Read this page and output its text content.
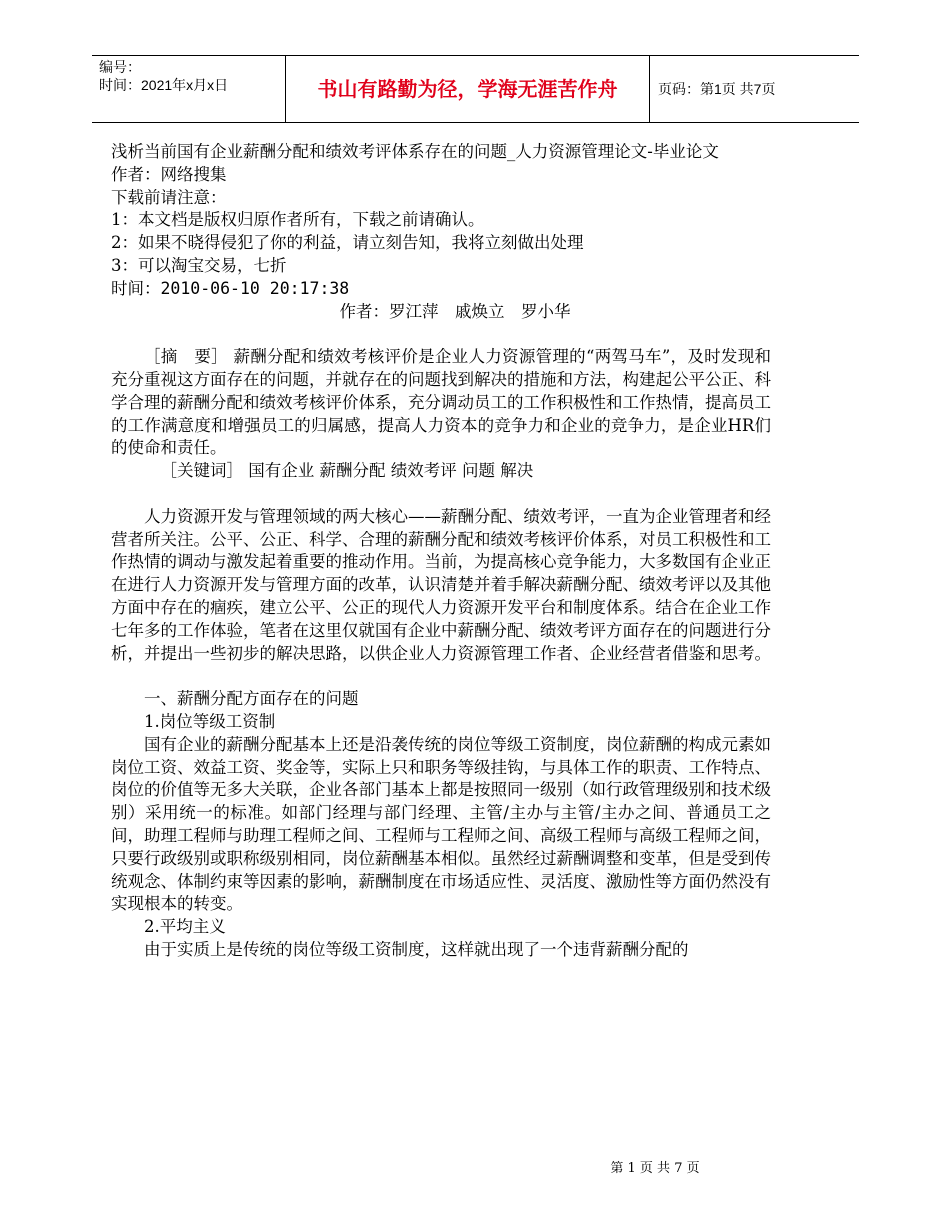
编号：
时间：2021年x月x日	书山有路勤为径，学海无涯苦作舟	页码：第1页 共7页

浅析当前国有企业薪酬分配和绩效考评体系存在的问题_人力资源管理论文-毕业论文

作者：网络搜集

下载前请注意：

1：本文档是版权归原作者所有，下载之前请确认。

2：如果不晓得侵犯了你的利益，请立刻告知，我将立刻做出处理

3：可以淘宝交易，七折

时间：2010-06-10 20:17:38

作者：罗江萍　戚焕立　罗小华

［摘　要］ 薪酬分配和绩效考核评价是企业人力资源管理的“两驾马车”，及时发现和充分重视这方面存在的问题，并就存在的问题找到解决的措施和方法，构建起公平公正、科学合理的薪酬分配和绩效考核评价体系，充分调动员工的工作积极性和工作热情，提高员工的工作满意度和增强员工的归属感，提高人力资本的竞争力和企业的竞争力，是企业HR们的使命和责任。

［关键词］ 国有企业 薪酬分配 绩效考评 问题 解决

人力资源开发与管理领域的两大核心——薪酬分配、绩效考评，一直为企业管理者和经营者所关注。公平、公正、科学、合理的薪酬分配和绩效考核评价体系，对员工积极性和工作热情的调动与激发起着重要的推动作用。当前，为提高核心竞争能力，大多数国有企业正在进行人力资源开发与管理方面的改革，认识清楚并着手解决薪酬分配、绩效考评以及其他方面中存在的痼疾，建立公平、公正的现代人力资源开发平台和制度体系。结合在企业工作七年多的工作体验，笔者在这里仅就国有企业中薪酬分配、绩效考评方面存在的问题进行分析，并提出一些初步的解决思路，以供企业人力资源管理工作者、企业经营者借鉴和思考。

一、薪酬分配方面存在的问题

1.岗位等级工资制

国有企业的薪酬分配基本上还是沿袭传统的岗位等级工资制度，岗位薪酬的构成元素如岗位工资、效益工资、奖金等，实际上只和职务等级挂钩，与具体工作的职责、工作特点、岗位的价值等无多大关联，企业各部门基本上都是按照同一级别（如行政管理级别和技术级别）采用统一的标准。如部门经理与部门经理、主管/主办与主管/主办之间、普通员工之间，助理工程师与助理工程师之间、工程师与工程师之间、高级工程师与高级工程师之间，只要行政级别或职称级别相同，岗位薪酬基本相似。虽然经过薪酬调整和变革，但是受到传统观念、体制约束等因素的影响，薪酬制度在市场适应性、灵活度、激励性等方面仍然没有实现根本的转变。

2.平均主义

由于实质上是传统的岗位等级工资制度，这样就出现了一个违背薪酬分配的

第 1 页 共 7 页
